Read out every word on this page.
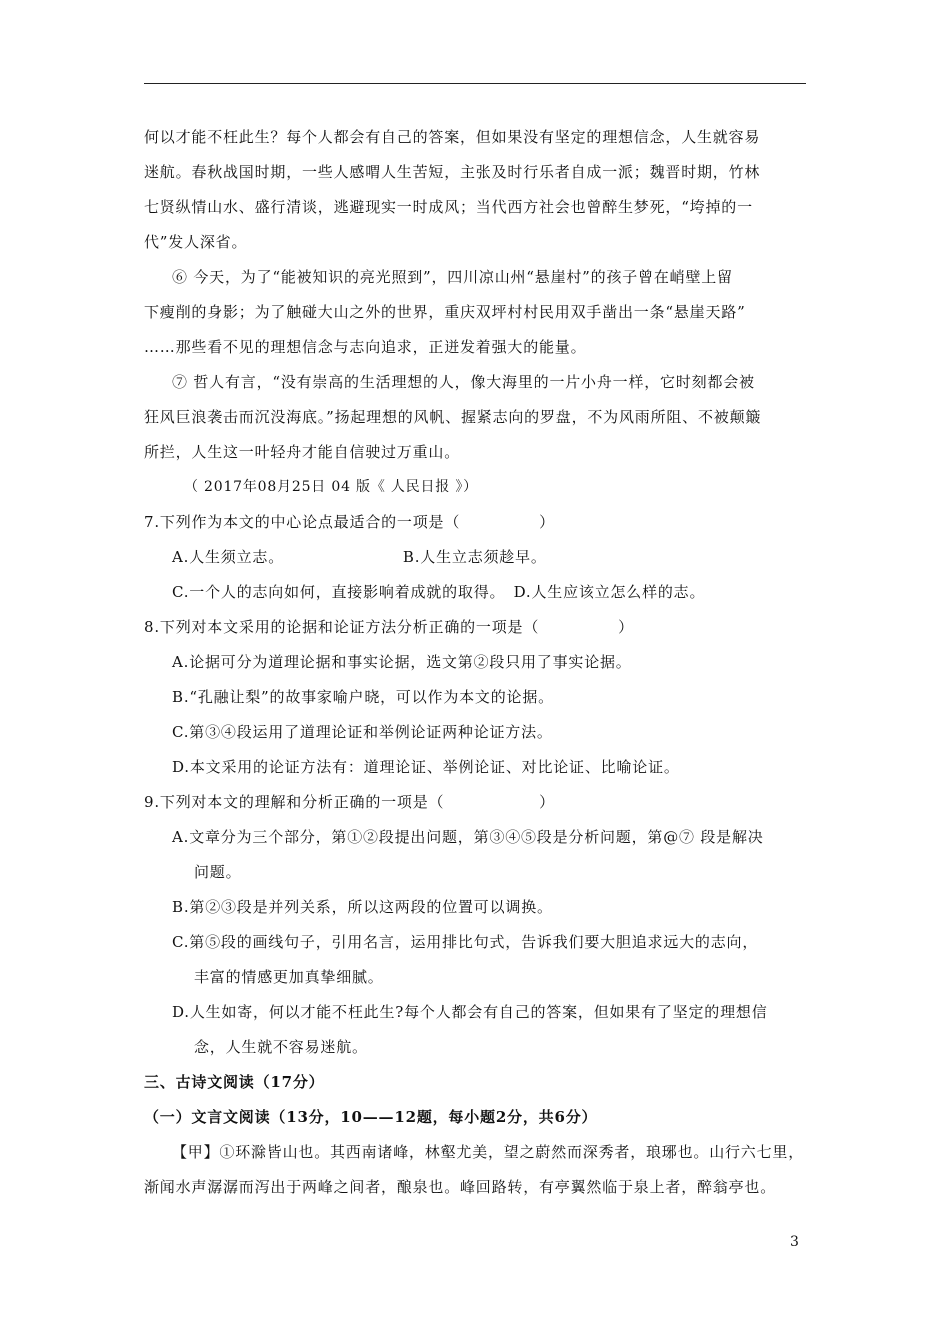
何以才能不枉此生？每个人都会有自己的答案，但如果没有坚定的理想信念，人生就容易
迷航。春秋战国时期，一些人感喟人生苦短，主张及时行乐者自成一派；魏晋时期，竹林
七贤纵情山水、盛行清谈，逃避现实一时成风；当代西方社会也曾醉生梦死，“垮掉的一
代”发人深省。
⑥ 今天，为了“能被知识的亮光照到”，四川凉山州“悬崖村”的孩子曾在峭壁上留
下瘦削的身影；为了触碰大山之外的世界，重庆双坪村村民用双手凿出一条“悬崖天路”
……那些看不见的理想信念与志向追求，正迸发着强大的能量。
⑦ 哲人有言，“没有崇高的生活理想的人，像大海里的一片小舟一样，它时刻都会被
狂风巨浪袭击而沉没海底。”扬起理想的风帆、握紧志向的罗盘，不为风雨所阻、不被颠簸
所拦，人生这一叶轻舟才能自信驶过万重山。
（ 2017年08月25日 04 版《 人民日报 》）
7.下列作为本文的中心论点最适合的一项是（　　　　　）
A.人生须立志。　　　　　　　　B.人生立志须趁早。
C.一个人的志向如何，直接影响着成就的取得。　D.人生应该立怎么样的志。
8.下列对本文采用的论据和论证方法分析正确的一项是（　　　　　）
A.论据可分为道理论据和事实论据，选文第②段只用了事实论据。
B.“孔融让梨”的故事家喻户晓，可以作为本文的论据。
C.第③④段运用了道理论证和举例论证两种论证方法。
D.本文采用的论证方法有：道理论证、举例论证、对比论证、比喻论证。
9.下列对本文的理解和分析正确的一项是（　　　　　　）
A.文章分为三个部分，第①②段提出问题，第③④⑤段是分析问题，第@⑦ 段是解决
问题。
B.第②③段是并列关系，所以这两段的位置可以调换。
C.第⑤段的画线句子，引用名言，运用排比句式，告诉我们要大胆追求远大的志向，
丰富的情感更加真挚细腻。
D.人生如寄，何以才能不枉此生?每个人都会有自己的答案，但如果有了坚定的理想信
念，人生就不容易迷航。
三、古诗文阅读（17分）
（一）文言文阅读（13分，10——12题，每小题2分，共6分）
【甲】①环滁皆山也。其西南诸峰，林壑尤美，望之蔚然而深秀者，琅琊也。山行六七里，
渐闻水声潺潺而泻出于两峰之间者，酿泉也。峰回路转，有亭翼然临于泉上者，醉翁亭也。
3
